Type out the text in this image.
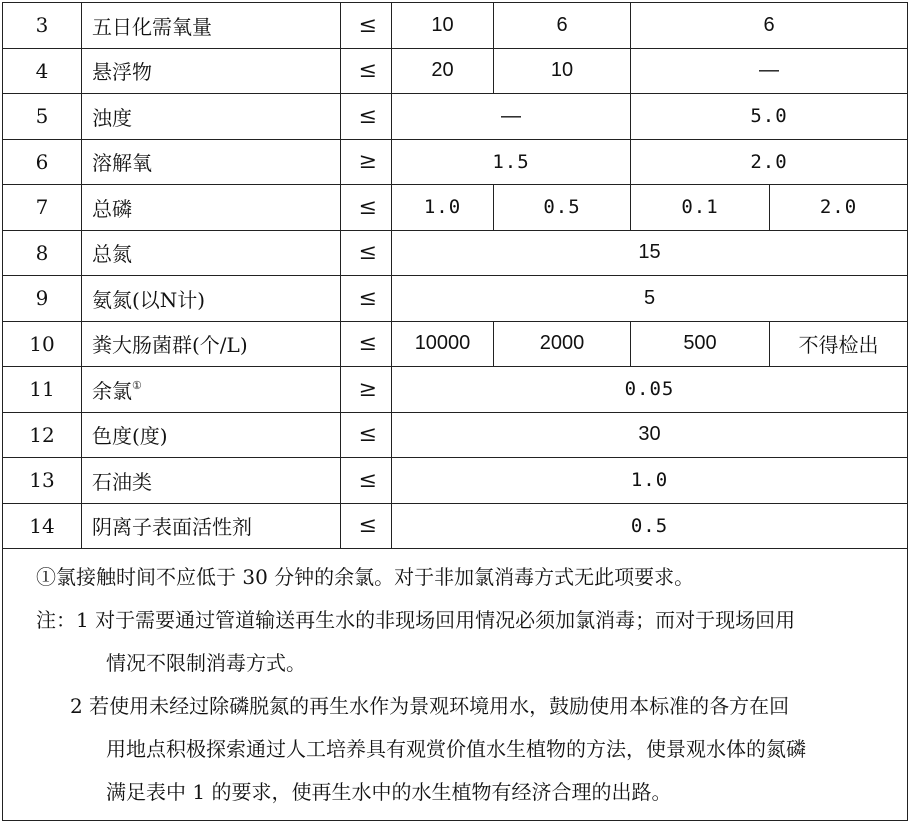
3	五日化需氧量	≤	10	6	6	
4	悬浮物	≤	20	10	—	
5	浊度	≤	—		5.0	
6	溶解氧	≥	1.5		2.0	
7	总磷	≤	1.0	0.5	0.1	2.0
8	总氮	≤	15			
9	氨氮(以N计)	≤	5			
10	粪大肠菌群(个/L)	≤	10000	2000	500	不得检出
11	余氯①	≥	0.05			
12	色度(度)	≤	30			
13	石油类	≤	1.0			
14	阴离子表面活性剂	≤	0.5			

①氯接触时间不应低于 30 分钟的余氯。对于非加氯消毒方式无此项要求。

注：1 对于需要通过管道输送再生水的非现场回用情况必须加氯消毒；而对于现场回用

情况不限制消毒方式。

2 若使用未经过除磷脱氮的再生水作为景观环境用水，鼓励使用本标准的各方在回

用地点积极探索通过人工培养具有观赏价值水生植物的方法，使景观水体的氮磷

满足表中 1 的要求，使再生水中的水生植物有经济合理的出路。
